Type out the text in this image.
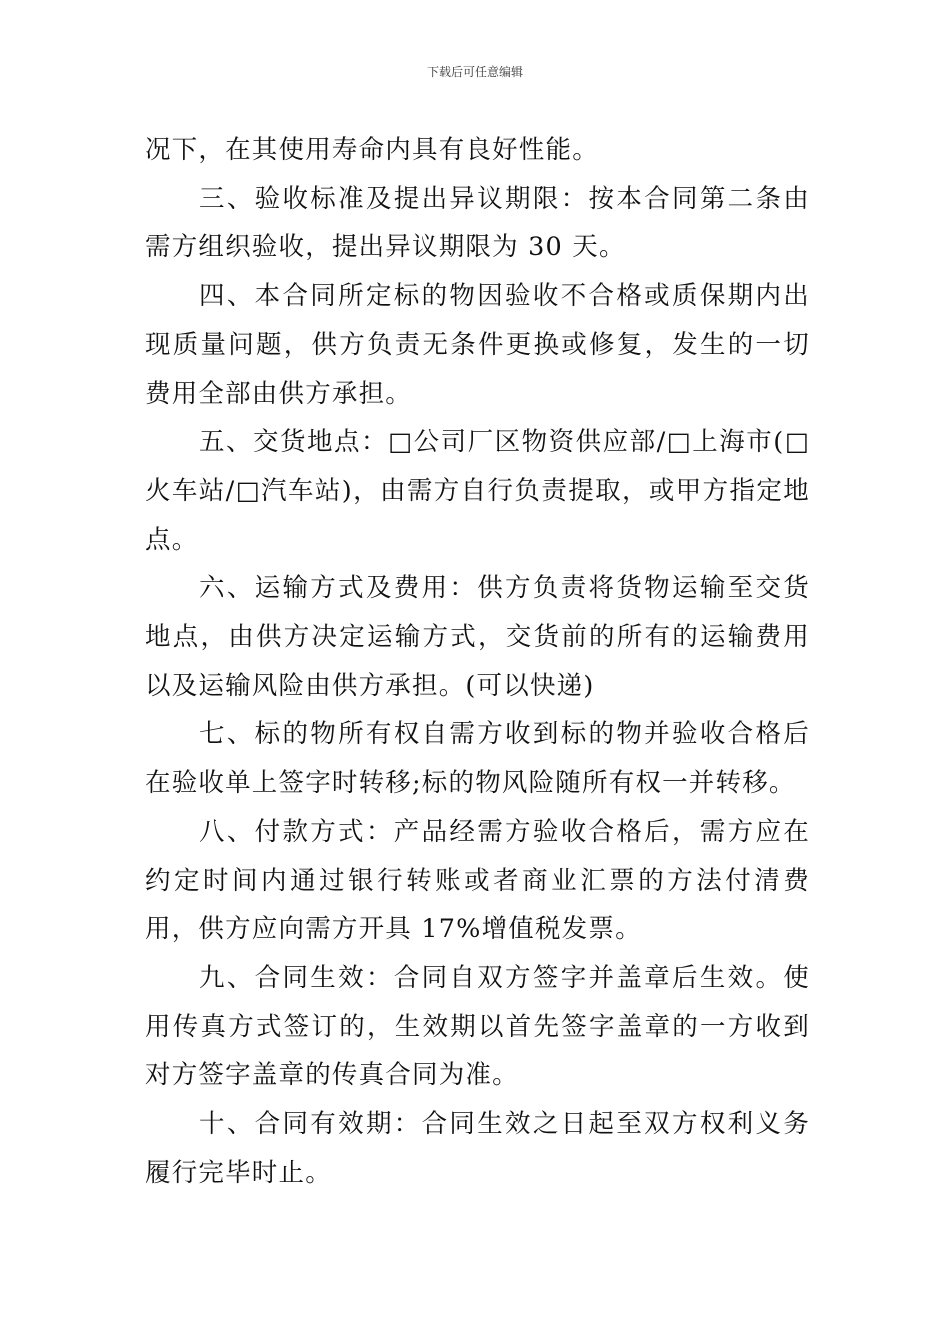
下载后可任意编辑

况下，在其使用寿命内具有良好性能。

三、验收标准及提出异议期限：按本合同第二条由需方组织验收，提出异议期限为 30 天。

四、本合同所定标的物因验收不合格或质保期内出现质量问题，供方负责无条件更换或修复，发生的一切费用全部由供方承担。

五、交货地点：□公司厂区物资供应部/□上海市(□火车站/□汽车站)，由需方自行负责提取，或甲方指定地点。

六、运输方式及费用：供方负责将货物运输至交货地点，由供方决定运输方式，交货前的所有的运输费用以及运输风险由供方承担。(可以快递)

七、标的物所有权自需方收到标的物并验收合格后在验收单上签字时转移;标的物风险随所有权一并转移。

八、付款方式：产品经需方验收合格后，需方应在约定时间内通过银行转账或者商业汇票的方法付清费用，供方应向需方开具 17%增值税发票。

九、合同生效：合同自双方签字并盖章后生效。使用传真方式签订的，生效期以首先签字盖章的一方收到对方签字盖章的传真合同为准。

十、合同有效期：合同生效之日起至双方权利义务履行完毕时止。
